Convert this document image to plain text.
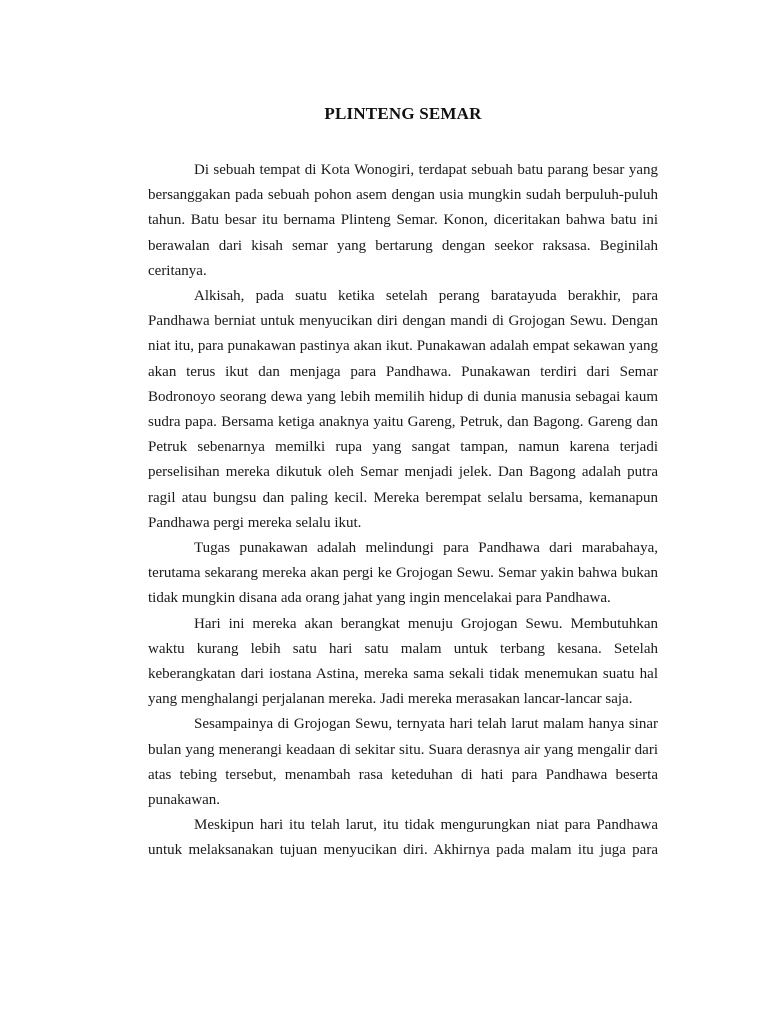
PLINTENG SEMAR

Di sebuah tempat di Kota Wonogiri, terdapat sebuah batu parang besar yang bersanggakan pada sebuah pohon asem dengan usia mungkin sudah berpuluh-puluh tahun. Batu besar itu bernama Plinteng Semar. Konon, diceritakan bahwa batu ini berawalan dari kisah semar yang bertarung dengan seekor raksasa. Beginilah ceritanya.

Alkisah, pada suatu ketika setelah perang baratayuda berakhir, para Pandhawa berniat untuk menyucikan diri dengan mandi di Grojogan Sewu. Dengan niat itu, para punakawan pastinya akan ikut. Punakawan adalah empat sekawan yang akan terus ikut dan menjaga para Pandhawa. Punakawan terdiri dari Semar Bodronoyo seorang dewa yang lebih memilih hidup di dunia manusia sebagai kaum sudra papa. Bersama ketiga anaknya yaitu Gareng, Petruk, dan Bagong. Gareng dan Petruk sebenarnya memilki rupa yang sangat tampan, namun karena terjadi perselisihan mereka dikutuk oleh Semar menjadi jelek. Dan Bagong adalah putra ragil atau bungsu dan paling kecil. Mereka berempat selalu bersama, kemanapun Pandhawa pergi mereka selalu ikut.

Tugas punakawan adalah melindungi para Pandhawa dari marabahaya, terutama sekarang mereka akan pergi ke Grojogan Sewu. Semar yakin bahwa bukan tidak mungkin disana ada orang jahat yang ingin mencelakai para Pandhawa.

Hari ini mereka akan berangkat menuju Grojogan Sewu. Membutuhkan waktu kurang lebih satu hari satu malam untuk terbang kesana. Setelah keberangkatan dari iostana Astina, mereka sama sekali tidak menemukan suatu hal yang menghalangi perjalanan mereka. Jadi mereka merasakan lancar-lancar saja.

Sesampainya di Grojogan Sewu, ternyata hari telah larut malam hanya sinar bulan yang menerangi keadaan di sekitar situ. Suara derasnya air yang mengalir dari atas tebing tersebut, menambah rasa keteduhan di hati para Pandhawa beserta punakawan.

Meskipun hari itu telah larut, itu tidak mengurungkan niat para Pandhawa untuk melaksanakan tujuan menyucikan diri. Akhirnya pada malam itu juga para
